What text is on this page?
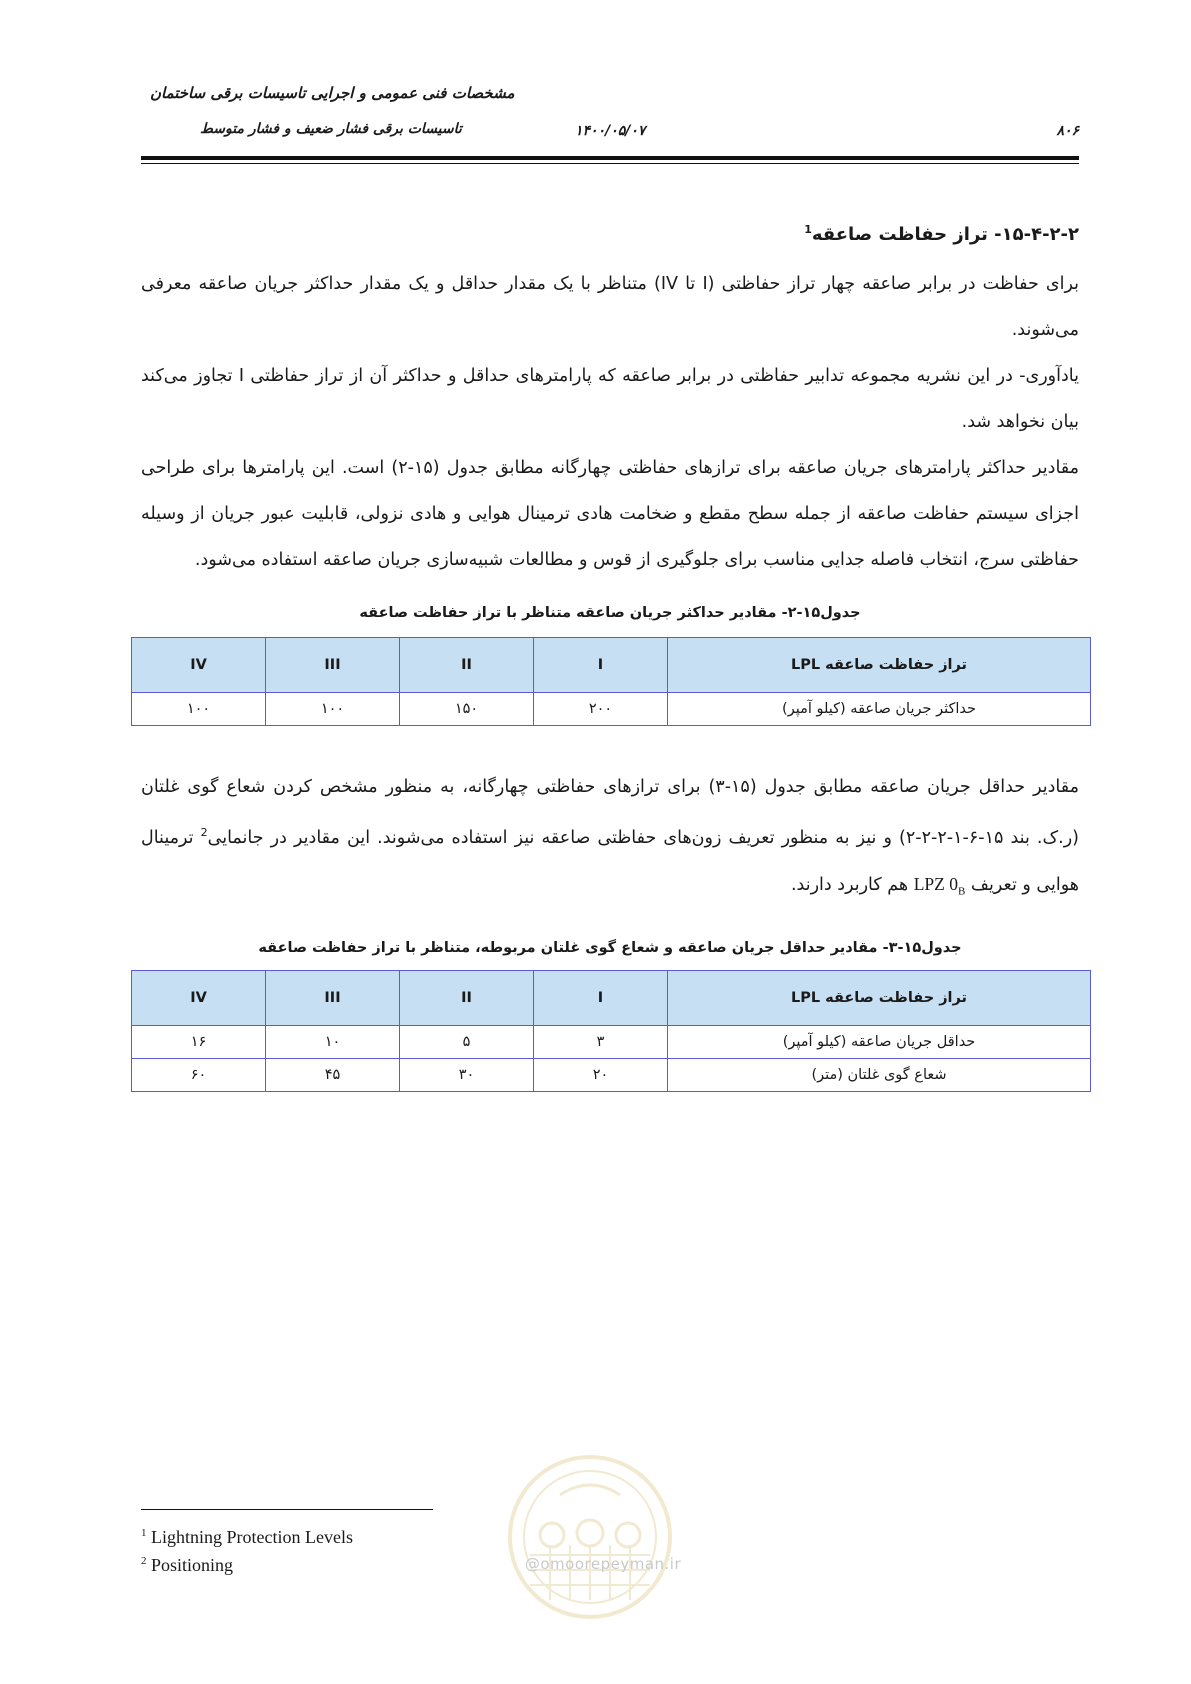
مشخصات فنی عمومی و اجرایی تاسیسات برقی ساختمان
تاسیسات برقی فشار ضعیف و فشار متوسط	۱۴۰۰/۰۵/۰۷	۸۰۶
۱۵-۴-۲-۲- تراز حفاظت صاعقه$^1$

برای حفاظت در برابر صاعقه چهار تراز حفاظتی (I تا IV) متناظر با یک مقدار حداقل و یک مقدار حداکثر جریان صاعقه معرفی می‌شوند.

یادآوری- در این نشریه مجموعه تدابیر حفاظتی در برابر صاعقه که پارامترهای حداقل و حداکثر آن از تراز حفاظتی I تجاوز می‌کند بیان نخواهد شد.

مقادیر حداکثر پارامترهای جریان صاعقه برای ترازهای حفاظتی چهارگانه مطابق جدول (۱۵-۲) است. این پارامترها برای طراحی اجزای سیستم حفاظت صاعقه از جمله سطح مقطع و ضخامت هادی ترمینال هوایی و هادی نزولی، قابلیت عبور جریان از وسیله حفاظتی سرج، انتخاب فاصله جدایی مناسب برای جلوگیری از قوس و مطالعات شبیه‌سازی جریان صاعقه استفاده می‌شود.

جدول۱۵-۲- مقادیر حداکثر جریان صاعقه متناظر با تراز حفاظت صاعقه

تراز حفاظت صاعقه LPL	I	II	III	IV
حداکثر جریان صاعقه (کیلو آمپر)	۲۰۰	۱۵۰	۱۰۰	۱۰۰

مقادیر حداقل جریان صاعقه مطابق جدول (۱۵-۳) برای ترازهای حفاظتی چهارگانه، به منظور مشخص کردن شعاع گوی غلتان (ر.ک. بند ۱۵-۶-۱-۲-۲-۲) و نیز به منظور تعریف زون‌های حفاظتی صاعقه نیز استفاده می‌شوند. این مقادیر در جانمایی$^2$ ترمینال هوایی و تعریف LPZ $0_B$ هم کاربرد دارند.

جدول۱۵-۳- مقادیر حداقل جریان صاعقه و شعاع گوی غلتان مربوطه، متناظر با تراز حفاظت صاعقه

تراز حفاظت صاعقه LPL	I	II	III	IV
حداقل جریان صاعقه (کیلو آمپر)	۳	۵	۱۰	۱۶
شعاع گوی غلتان (متر)	۲۰	۳۰	۴۵	۶۰
@omoorepeyman.ir
$^1$ Lightning Protection Levels
$^2$ Positioning
